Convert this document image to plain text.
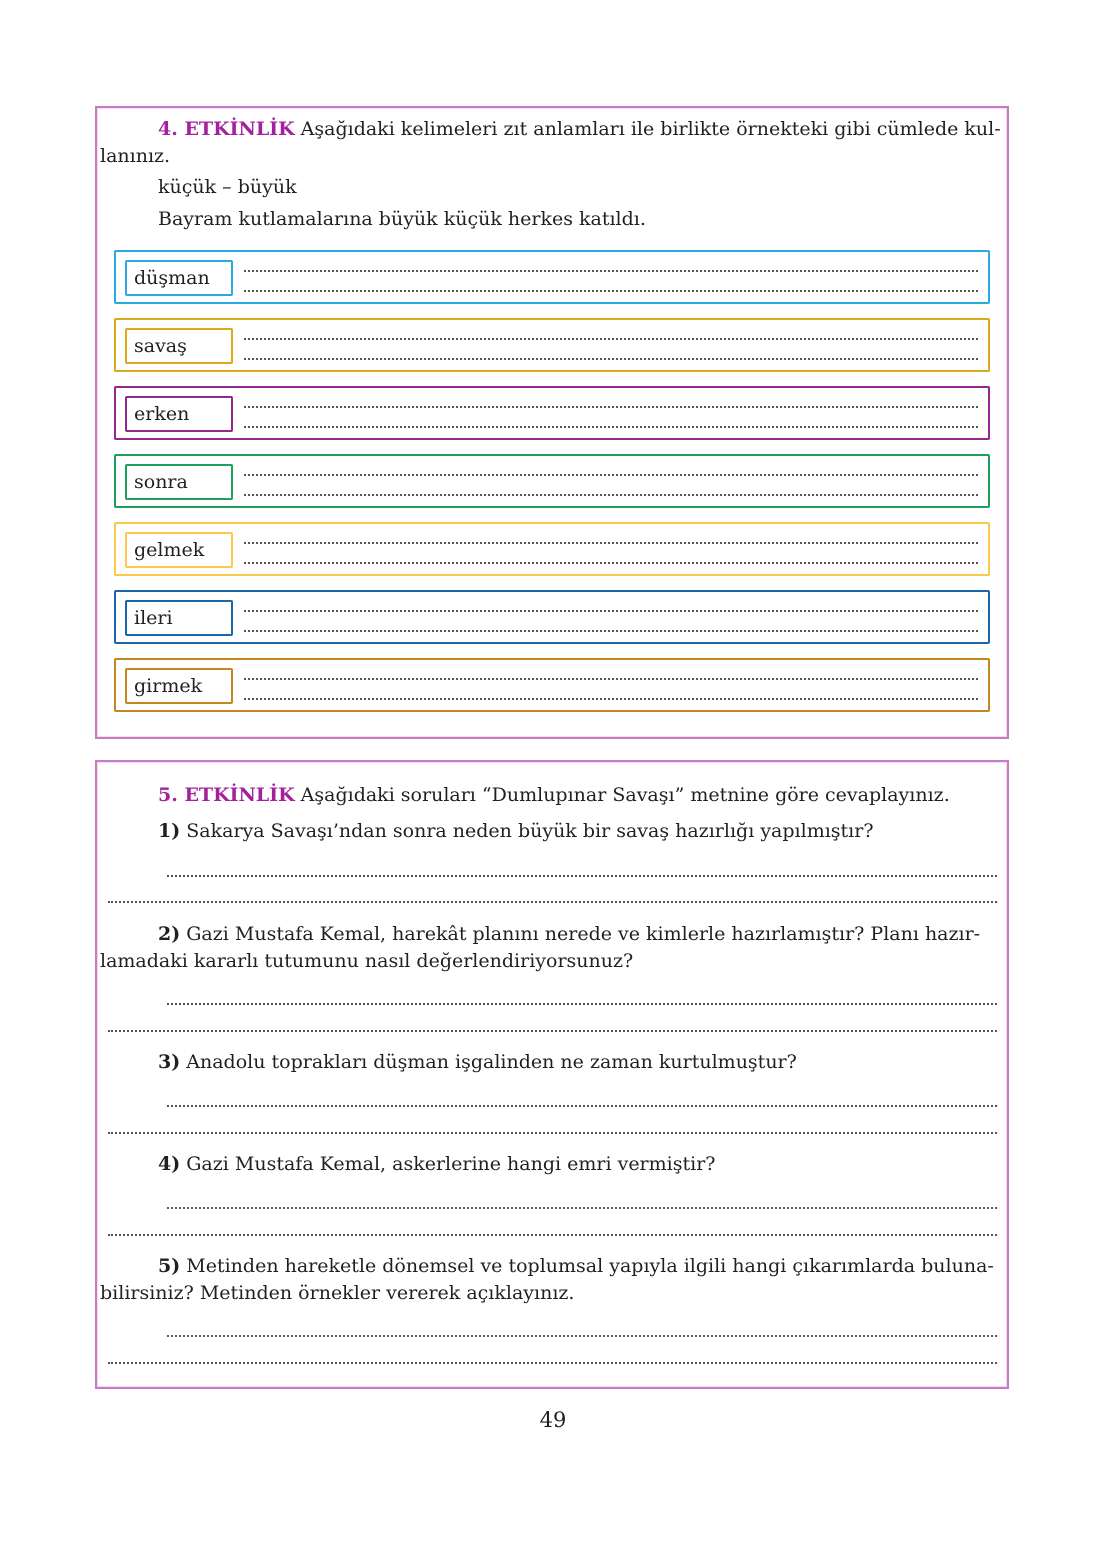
4. ETKİNLİK Aşağıdaki kelimeleri zıt anlamları ile birlikte örnekteki gibi cümlede kul-
lanınız.
küçük – büyük
Bayram kutlamalarına büyük küçük herkes katıldı.
düşman
savaş
erken
sonra
gelmek
ileri
girmek
5. ETKİNLİK Aşağıdaki soruları “Dumlupınar Savaşı” metnine göre cevaplayınız.
1) Sakarya Savaşı’ndan sonra neden büyük bir savaş hazırlığı yapılmıştır?
2) Gazi Mustafa Kemal, harekât planını nerede ve kimlerle hazırlamıştır? Planı hazır-
lamadaki kararlı tutumunu nasıl değerlendiriyorsunuz?
3) Anadolu toprakları düşman işgalinden ne zaman kurtulmuştur?
4) Gazi Mustafa Kemal, askerlerine hangi emri vermiştir?
5) Metinden hareketle dönemsel ve toplumsal yapıyla ilgili hangi çıkarımlarda buluna-
bilirsiniz? Metinden örnekler vererek açıklayınız.
49
